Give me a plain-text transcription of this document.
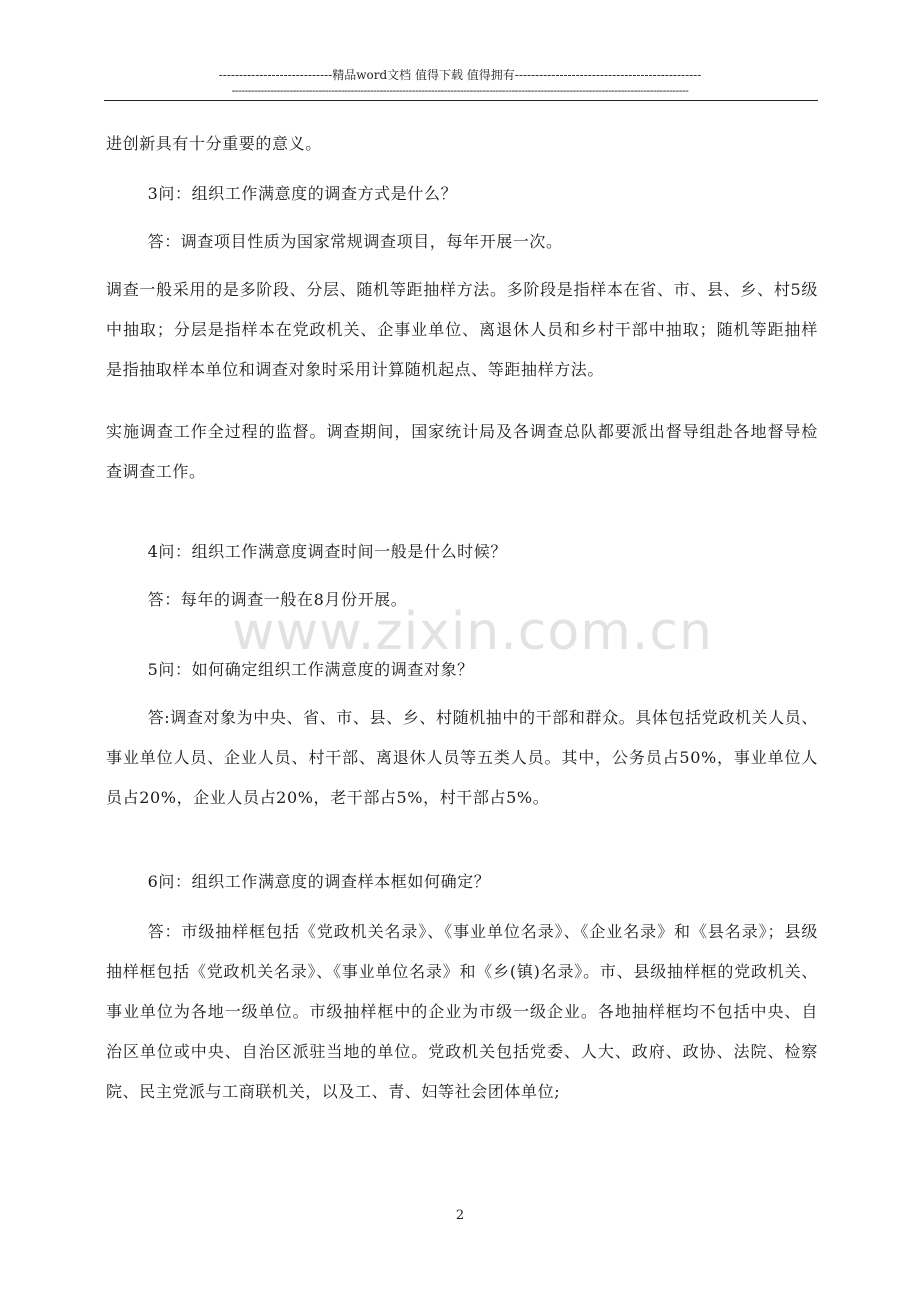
----------------------------精品word文档 值得下载 值得拥有----------------------------------------------
----------------------------------------------------------------------------------------------------------------------------------------------

进创新具有十分重要的意义。

3问：组织工作满意度的调查方式是什么？

答：调查项目性质为国家常规调查项目，每年开展一次。

调查一般采用的是多阶段、分层、随机等距抽样方法。多阶段是指样本在省、市、县、乡、村5级中抽取；分层是指样本在党政机关、企事业单位、离退休人员和乡村干部中抽取；随机等距抽样是指抽取样本单位和调查对象时采用计算随机起点、等距抽样方法。

实施调查工作全过程的监督。调查期间，国家统计局及各调查总队都要派出督导组赴各地督导检查调查工作。

4问：组织工作满意度调查时间一般是什么时候？

答：每年的调查一般在8月份开展。

www.zixin.com.cn

5问：如何确定组织工作满意度的调查对象？

答:调查对象为中央、省、市、县、乡、村随机抽中的干部和群众。具体包括党政机关人员、事业单位人员、企业人员、村干部、离退休人员等五类人员。其中，公务员占50%，事业单位人员占20%，企业人员占20%，老干部占5%，村干部占5%。

6问：组织工作满意度的调查样本框如何确定？

答：市级抽样框包括《党政机关名录》、《事业单位名录》、《企业名录》和《县名录》；县级抽样框包括《党政机关名录》、《事业单位名录》和《乡(镇)名录》。市、县级抽样框的党政机关、事业单位为各地一级单位。市级抽样框中的企业为市级一级企业。各地抽样框均不包括中央、自治区单位或中央、自治区派驻当地的单位。党政机关包括党委、人大、政府、政协、法院、检察院、民主党派与工商联机关，以及工、青、妇等社会团体单位;

2
